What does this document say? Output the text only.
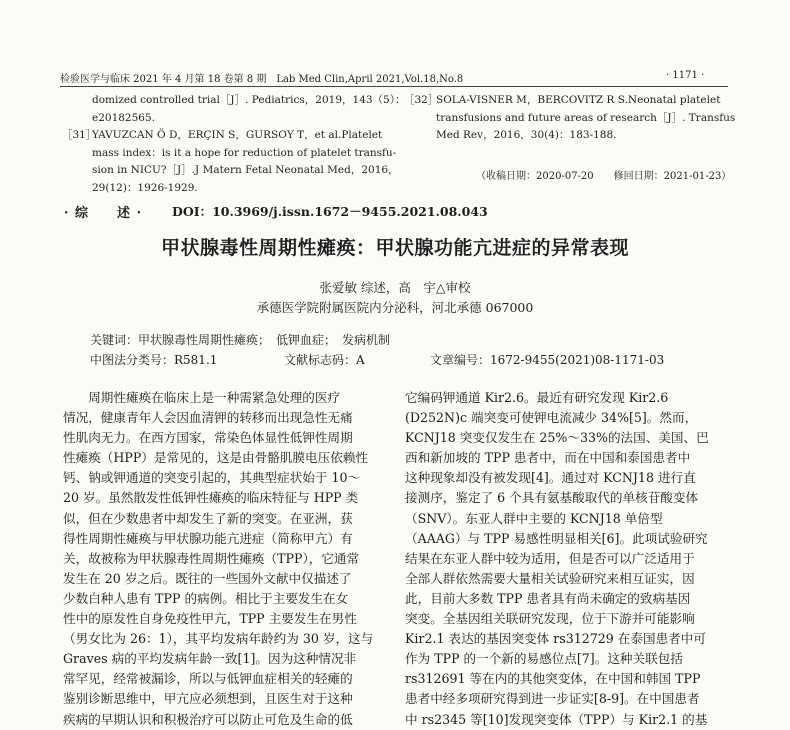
检验医学与临床 2021 年 4 月第 18 卷第 8 期　Lab Med Clin,April 2021,Vol.18,No.8	· 1171 ·
domized controlled trial［J］. Pediatrics，2019，143（5）：
e20182565.
［31］
YAVUZCAN Ö D，ERÇIN S，GURSOY T，et al.Platelet
mass index：is it a hope for reduction of platelet transfu-
sion in NICU?［J］.J Matern Fetal Neonatal Med，2016，
29(12)：1926-1929.
［32］
SOLA-VISNER M，BERCOVITZ R S.Neonatal platelet
transfusions and future areas of research［J］. Transfus
Med Rev，2016，30(4)：183-188.
（收稿日期：2020-07-20　　修回日期：2021-01-23）
· 综　　述 · DOI：10.3969/j.issn.1672－9455.2021.08.043
甲状腺毒性周期性瘫痪：甲状腺功能亢进症的异常表现
张爱敏 综述，高　宇△审校
承德医学院附属医院内分泌科，河北承德 067000
关键词：甲状腺毒性周期性瘫痪；　低钾血症；　发病机制
中图法分类号：R581.1	文献标志码：A	文章编号：1672-9455(2021)08-1171-03
　　周期性瘫痪在临床上是一种需紧急处理的医疗
情况，健康青年人会因血清钾的转移而出现急性无痛
性肌肉无力。在西方国家，常染色体显性低钾性周期
性瘫痪（HPP）是常见的，这是由骨骼肌膜电压依赖性
钙、钠或钾通道的突变引起的，其典型症状始于 10～
20 岁。虽然散发性低钾性瘫痪的临床特征与 HPP 类
似，但在少数患者中却发生了新的突变。在亚洲，获
得性周期性瘫痪与甲状腺功能亢进症（简称甲亢）有
关，故被称为甲状腺毒性周期性瘫痪（TPP），它通常
发生在 20 岁之后。既往的一些国外文献中仅描述了
少数白种人患有 TPP 的病例。相比于主要发生在女
性中的原发性自身免疫性甲亢，TPP 主要发生在男性
（男女比为 26：1），其平均发病年龄约为 30 岁，这与
Graves 病的平均发病年龄一致[1]。因为这种情况非
常罕见，经常被漏诊，所以与低钾血症相关的轻瘫的
鉴别诊断思维中，甲亢应必须想到，且医生对于这种
疾病的早期认识和积极治疗可以防止可危及生命的低
它编码钾通道 Kir2.6。最近有研究发现 Kir2.6
(D252N)c 端突变可使钾电流减少 34%[5]。然而，
KCNJ18 突变仅发生在 25%～33%的法国、美国、巴
西和新加坡的 TPP 患者中，而在中国和泰国患者中
这种现象却没有被发现[4]。通过对 KCNJ18 进行直
接测序，鉴定了 6 个具有氨基酸取代的单核苷酸变体
（SNV）。东亚人群中主要的 KCNJ18 单倍型
（AAAG）与 TPP 易感性明显相关[6]。此项试验研究
结果在东亚人群中较为适用，但是否可以广泛适用于
全部人群依然需要大量相关试验研究来相互证实，因
此，目前大多数 TPP 患者具有尚未确定的致病基因
突变。全基因组关联研究发现，位于下游并可能影响
Kir2.1 表达的基因突变体 rs312729 在泰国患者中可
作为 TPP 的一个新的易感位点[7]。这种关联包括
rs312691 等在内的其他突变体，在中国和韩国 TPP
患者中经多项研究得到进一步证实[8-9]。在中国患者
中 rs2345 等[10]发现突变体（TPP）与 Kir2.1 的基
